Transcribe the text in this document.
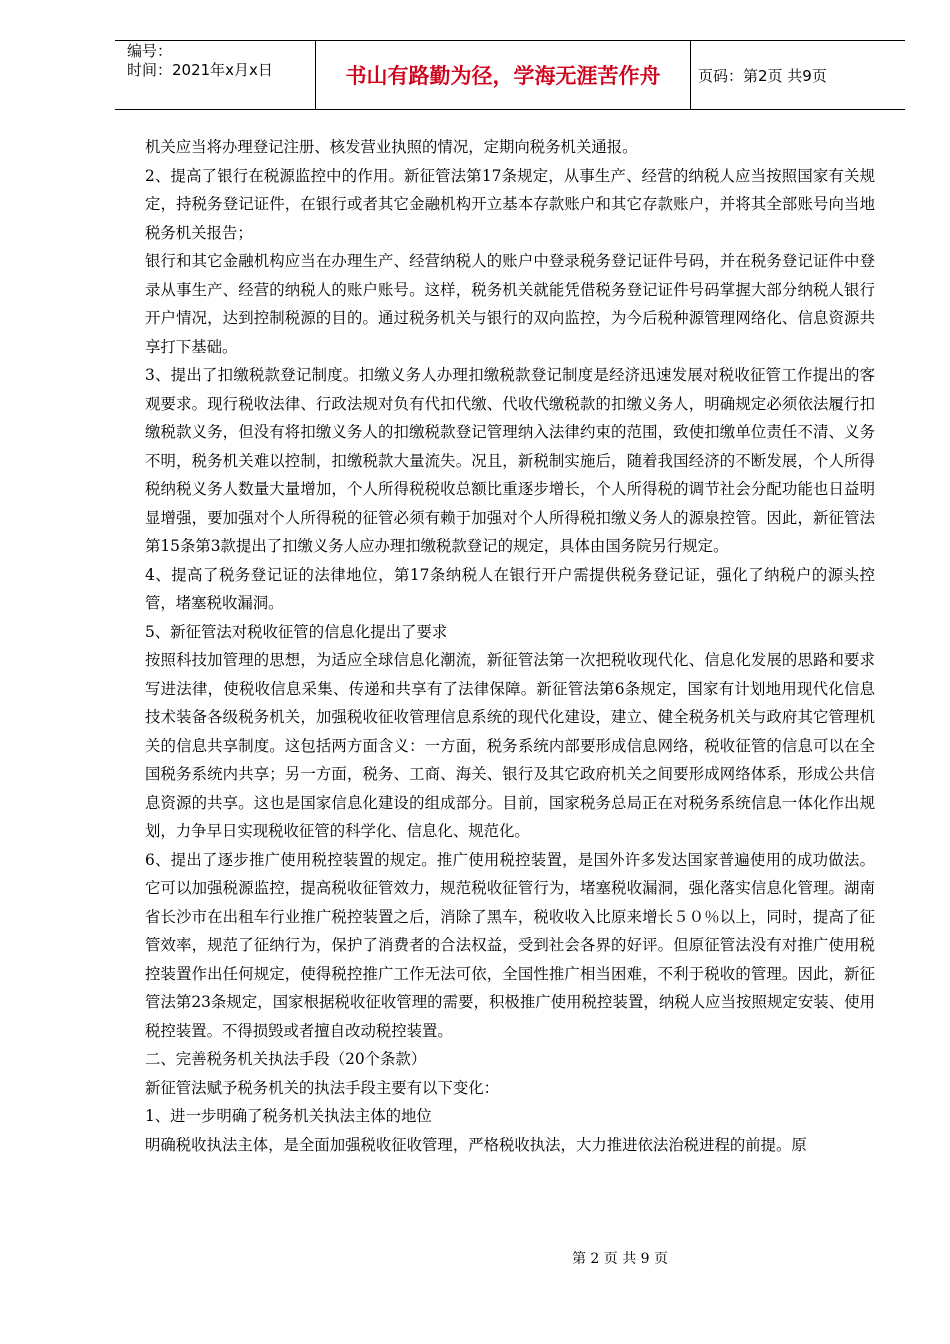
编号：
时间：2021年x月x日	书山有路勤为径，学海无涯苦作舟	页码：第2页 共9页

机关应当将办理登记注册、核发营业执照的情况，定期向税务机关通报。

2、提高了银行在税源监控中的作用。新征管法第17条规定，从事生产、经营的纳税人应当按照国家有关规定，持税务登记证件，在银行或者其它金融机构开立基本存款账户和其它存款账户，并将其全部账号向当地税务机关报告；

银行和其它金融机构应当在办理生产、经营纳税人的账户中登录税务登记证件号码，并在税务登记证件中登录从事生产、经营的纳税人的账户账号。这样，税务机关就能凭借税务登记证件号码掌握大部分纳税人银行开户情况，达到控制税源的目的。通过税务机关与银行的双向监控，为今后税种源管理网络化、信息资源共享打下基础。

3、提出了扣缴税款登记制度。扣缴义务人办理扣缴税款登记制度是经济迅速发展对税收征管工作提出的客观要求。现行税收法律、行政法规对负有代扣代缴、代收代缴税款的扣缴义务人，明确规定必须依法履行扣缴税款义务，但没有将扣缴义务人的扣缴税款登记管理纳入法律约束的范围，致使扣缴单位责任不清、义务不明，税务机关难以控制，扣缴税款大量流失。况且，新税制实施后，随着我国经济的不断发展，个人所得税纳税义务人数量大量增加，个人所得税税收总额比重逐步增长，个人所得税的调节社会分配功能也日益明显增强，要加强对个人所得税的征管必须有赖于加强对个人所得税扣缴义务人的源泉控管。因此，新征管法第15条第3款提出了扣缴义务人应办理扣缴税款登记的规定，具体由国务院另行规定。

4、提高了税务登记证的法律地位，第17条纳税人在银行开户需提供税务登记证，强化了纳税户的源头控管，堵塞税收漏洞。

5、新征管法对税收征管的信息化提出了要求

按照科技加管理的思想，为适应全球信息化潮流，新征管法第一次把税收现代化、信息化发展的思路和要求写进法律，使税收信息采集、传递和共享有了法律保障。新征管法第6条规定，国家有计划地用现代化信息技术装备各级税务机关，加强税收征收管理信息系统的现代化建设，建立、健全税务机关与政府其它管理机关的信息共享制度。这包括两方面含义：一方面，税务系统内部要形成信息网络，税收征管的信息可以在全国税务系统内共享；另一方面，税务、工商、海关、银行及其它政府机关之间要形成网络体系，形成公共信息资源的共享。这也是国家信息化建设的组成部分。目前，国家税务总局正在对税务系统信息一体化作出规划，力争早日实现税收征管的科学化、信息化、规范化。

6、提出了逐步推广使用税控装置的规定。推广使用税控装置，是国外许多发达国家普遍使用的成功做法。它可以加强税源监控，提高税收征管效力，规范税收征管行为，堵塞税收漏洞，强化落实信息化管理。湖南省长沙市在出租车行业推广税控装置之后，消除了黑车，税收收入比原来增长５０％以上，同时，提高了征管效率，规范了征纳行为，保护了消费者的合法权益，受到社会各界的好评。但原征管法没有对推广使用税控装置作出任何规定，使得税控推广工作无法可依，全国性推广相当困难，不利于税收的管理。因此，新征管法第23条规定，国家根据税收征收管理的需要，积极推广使用税控装置，纳税人应当按照规定安装、使用税控装置。不得损毁或者擅自改动税控装置。

二、完善税务机关执法手段（20个条款）

新征管法赋予税务机关的执法手段主要有以下变化：

1、进一步明确了税务机关执法主体的地位

明确税收执法主体，是全面加强税收征收管理，严格税收执法，大力推进依法治税进程的前提。原

第 2 页 共 9 页
